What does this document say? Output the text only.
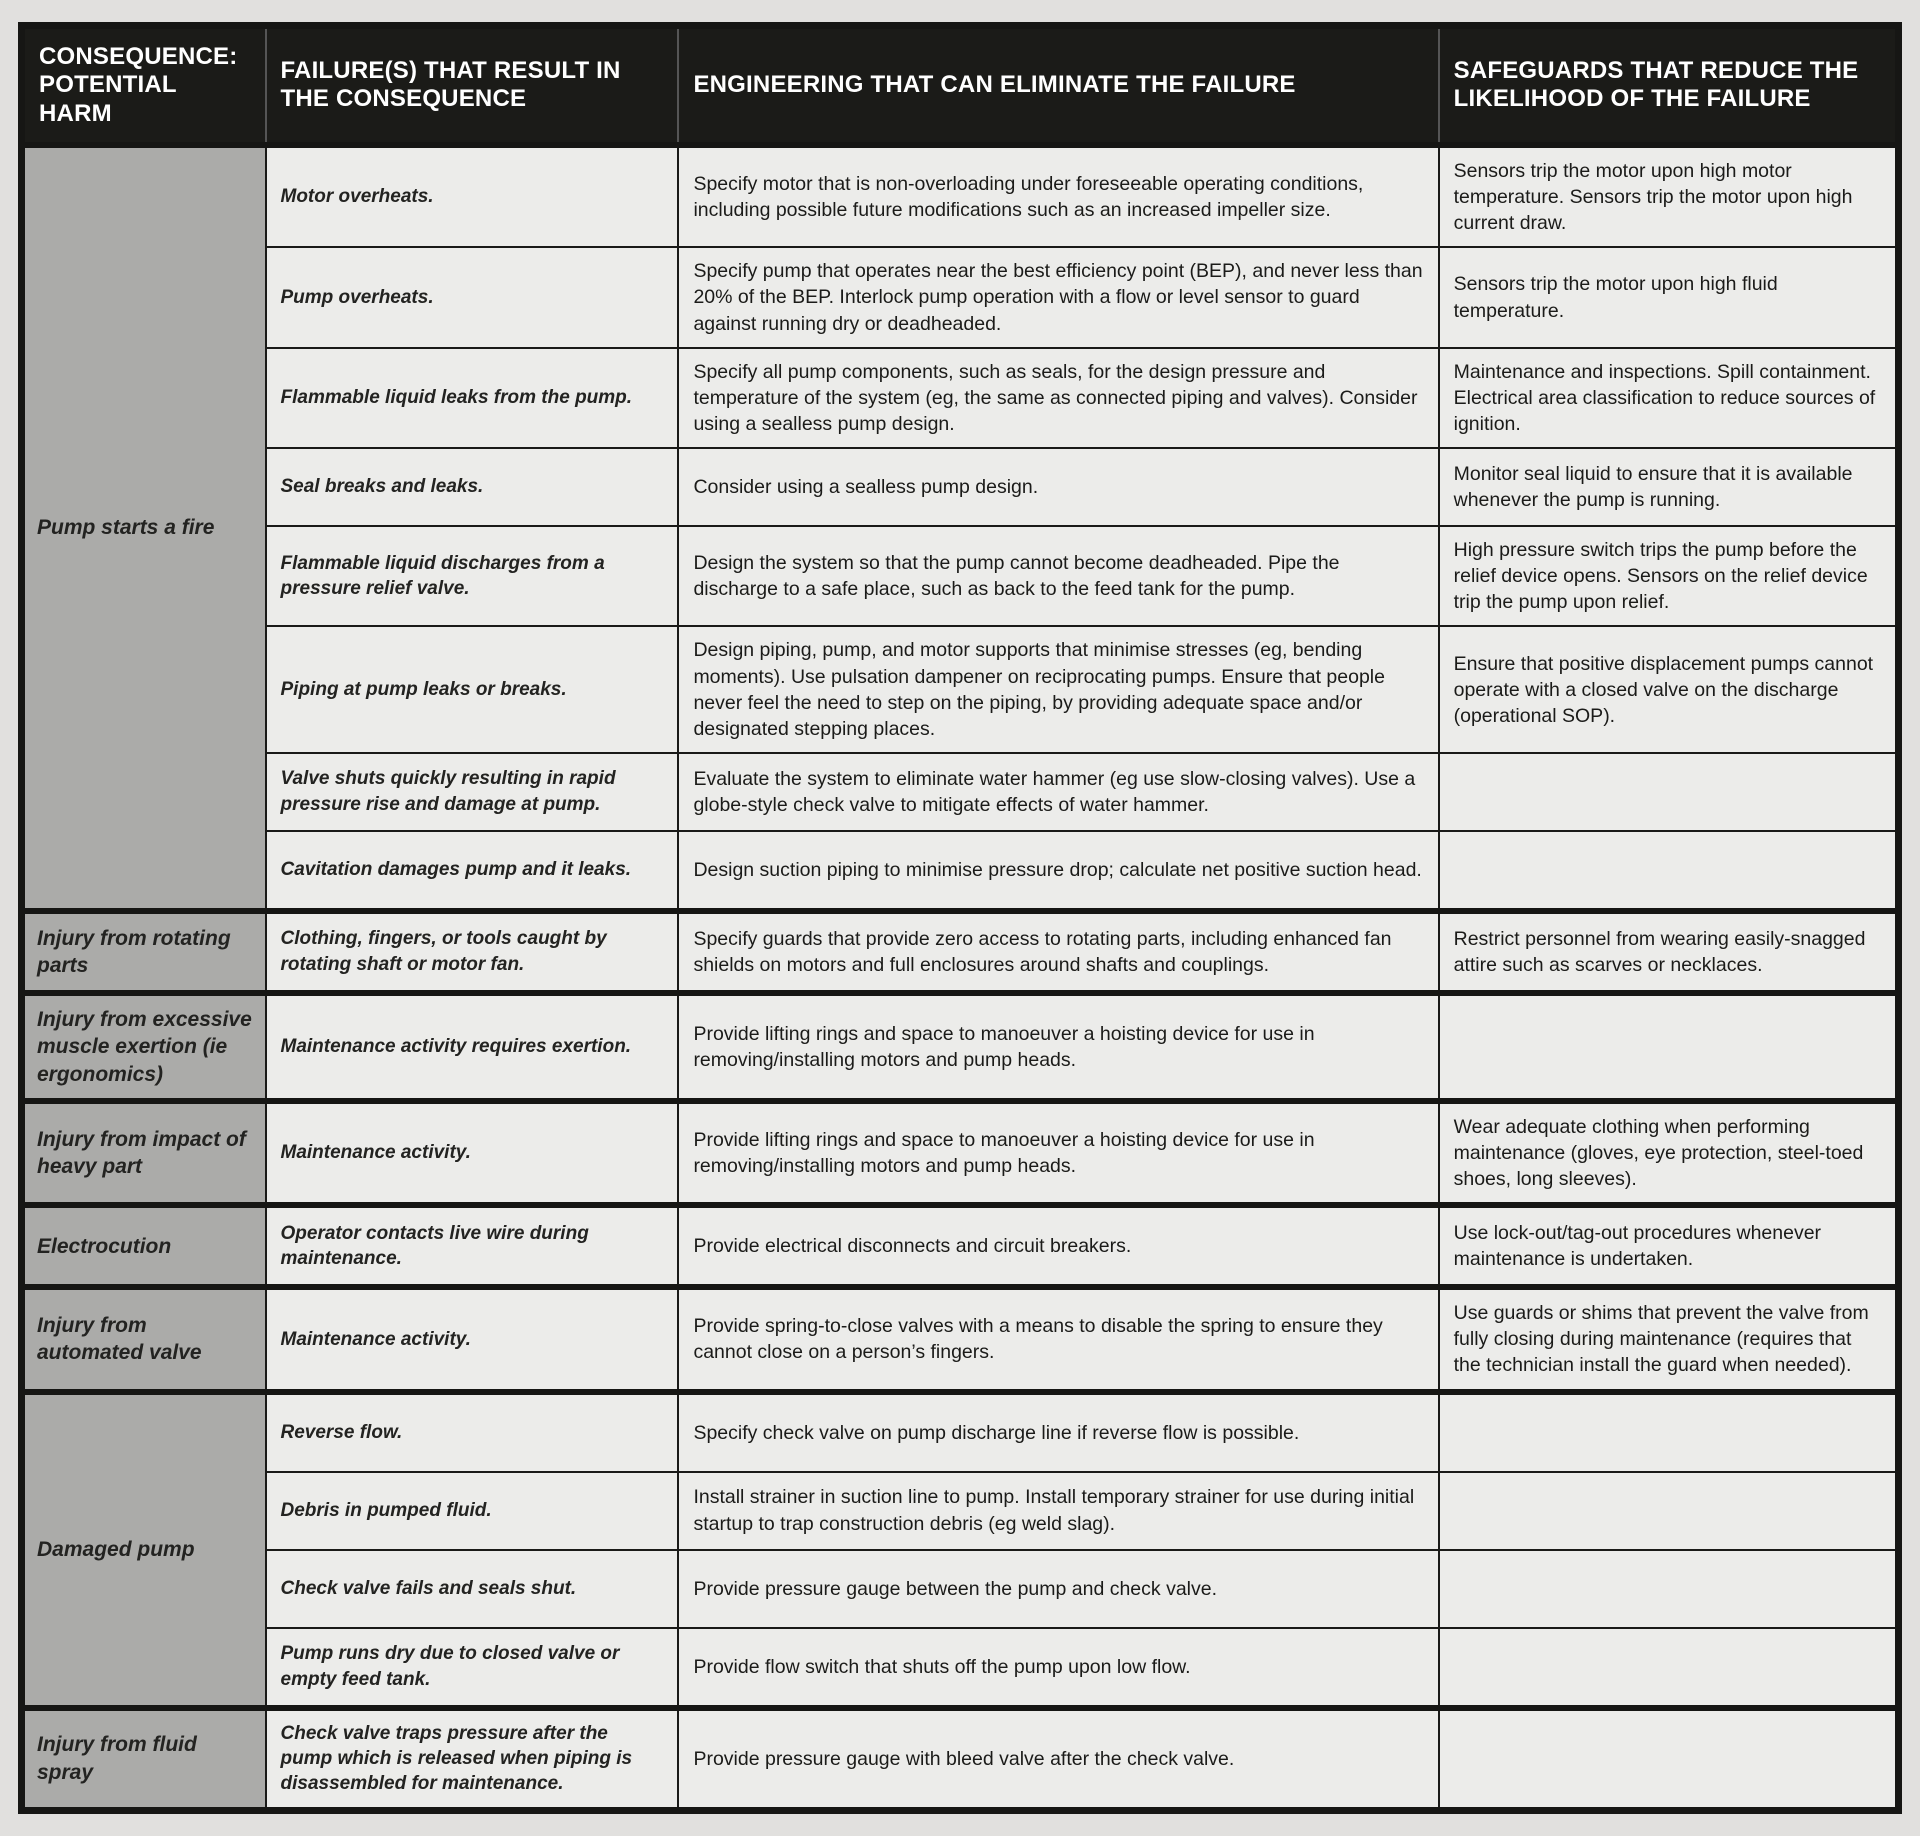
CONSEQUENCE: POTENTIAL HARM	FAILURE(S) THAT RESULT IN THE CONSEQUENCE	ENGINEERING THAT CAN ELIMINATE THE FAILURE	SAFEGUARDS THAT REDUCE THE LIKELIHOOD OF THE FAILURE
Pump starts a fire	Motor overheats.	Specify motor that is non-overloading under foreseeable operating conditions, including possible future modifications such as an increased impeller size.	Sensors trip the motor upon high motor temperature. Sensors trip the motor upon high current draw.
	Pump overheats.	Specify pump that operates near the best efficiency point (BEP), and never less than 20% of the BEP. Interlock pump operation with a flow or level sensor to guard against running dry or deadheaded.	Sensors trip the motor upon high fluid temperature.
	Flammable liquid leaks from the pump.	Specify all pump components, such as seals, for the design pressure and temperature of the system (eg, the same as connected piping and valves). Consider using a sealless pump design.	Maintenance and inspections. Spill containment. Electrical area classification to reduce sources of ignition.
	Seal breaks and leaks.	Consider using a sealless pump design.	Monitor seal liquid to ensure that it is available whenever the pump is running.
	Flammable liquid discharges from a pressure relief valve.	Design the system so that the pump cannot become deadheaded. Pipe the discharge to a safe place, such as back to the feed tank for the pump.	High pressure switch trips the pump before the relief device opens. Sensors on the relief device trip the pump upon relief.
	Piping at pump leaks or breaks.	Design piping, pump, and motor supports that minimise stresses (eg, bending moments). Use pulsation dampener on reciprocating pumps. Ensure that people never feel the need to step on the piping, by providing adequate space and/or designated stepping places.	Ensure that positive displacement pumps cannot operate with a closed valve on the discharge (operational SOP).
	Valve shuts quickly resulting in rapid pressure rise and damage at pump.	Evaluate the system to eliminate water hammer (eg use slow-closing valves). Use a globe-style check valve to mitigate effects of water hammer.	
	Cavitation damages pump and it leaks.	Design suction piping to minimise pressure drop; calculate net positive suction head.	
Injury from rotating parts	Clothing, fingers, or tools caught by rotating shaft or motor fan.	Specify guards that provide zero access to rotating parts, including enhanced fan shields on motors and full enclosures around shafts and couplings.	Restrict personnel from wearing easily-snagged attire such as scarves or necklaces.
Injury from excessive muscle exertion (ie ergonomics)	Maintenance activity requires exertion.	Provide lifting rings and space to manoeuver a hoisting device for use in removing/installing motors and pump heads.	
Injury from impact of heavy part	Maintenance activity.	Provide lifting rings and space to manoeuver a hoisting device for use in removing/installing motors and pump heads.	Wear adequate clothing when performing maintenance (gloves, eye protection, steel-toed shoes, long sleeves).
Electrocution	Operator contacts live wire during maintenance.	Provide electrical disconnects and circuit breakers.	Use lock-out/tag-out procedures whenever maintenance is undertaken.
Injury from automated valve	Maintenance activity.	Provide spring-to-close valves with a means to disable the spring to ensure they cannot close on a person’s fingers.	Use guards or shims that prevent the valve from fully closing during maintenance (requires that the technician install the guard when needed).
Damaged pump	Reverse flow.	Specify check valve on pump discharge line if reverse flow is possible.	
	Debris in pumped fluid.	Install strainer in suction line to pump. Install temporary strainer for use during initial startup to trap construction debris (eg weld slag).	
	Check valve fails and seals shut.	Provide pressure gauge between the pump and check valve.	
	Pump runs dry due to closed valve or empty feed tank.	Provide flow switch that shuts off the pump upon low flow.	
Injury from fluid spray	Check valve traps pressure after the pump which is released when piping is disassembled for maintenance.	Provide pressure gauge with bleed valve after the check valve.	
